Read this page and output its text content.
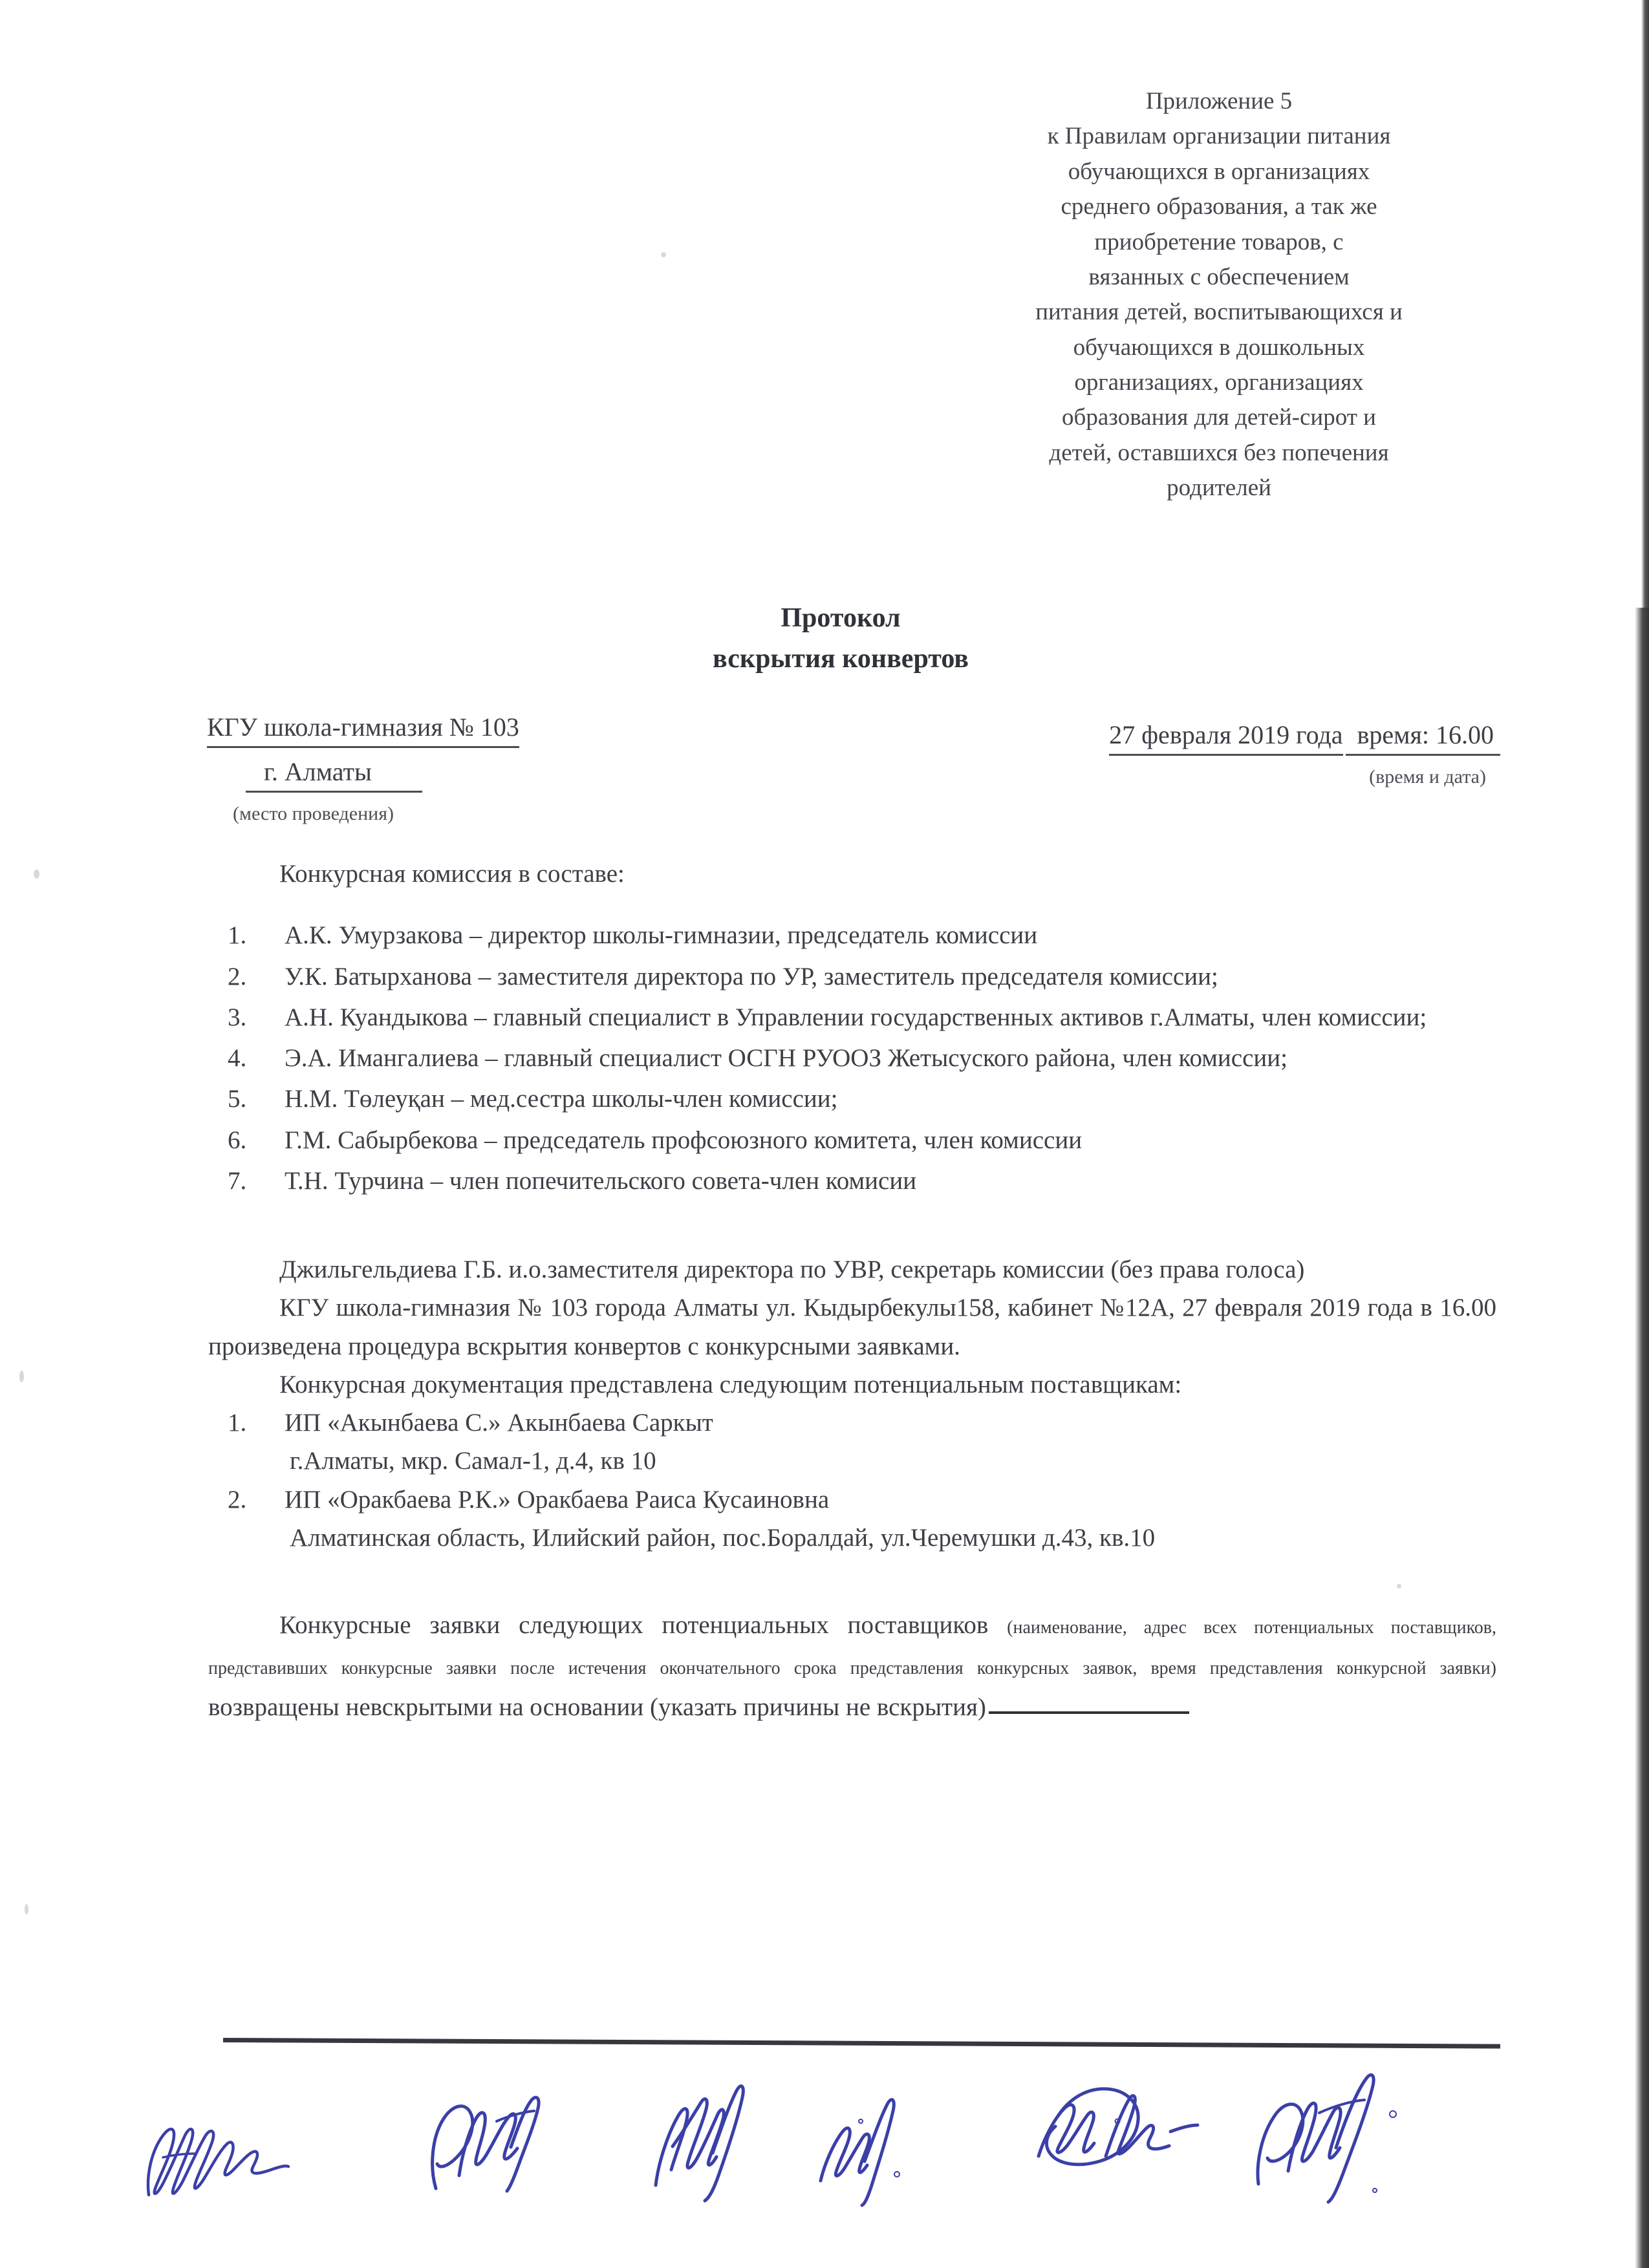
Приложение 5
к Правилам организации питания
обучающихся в организациях
среднего образования, а так же
приобретение товаров, с
вязанных с обеспечением
питания детей, воспитывающихся и
обучающихся в дошкольных
организациях, организациях
образования для детей-сирот и
детей, оставшихся без попечения
родителей
Протокол
вскрытия конвертов
КГУ школа-гимназия № 103 г. Алматы
(место проведения)
27 февраля 2019 года время: 16.00
(время и дата)

Конкурсная комиссия в составе:

1.	А.К. Умурзакова – директор школы-гимназии, председатель комиссии
2.	У.К. Батырханова – заместителя директора по УР, заместитель председателя комиссии;
3.	А.Н. Куандыкова – главный специалист в Управлении государственных активов г.Алматы, член комиссии;
4.	Э.А. Имангалиева – главный специалист ОСГН РУООЗ Жетысуского района, член комиссии;
5.	Н.М. Төлеуқан – мед.сестра школы-член комиссии;
6.	Г.М. Сабырбекова – председатель профсоюзного комитета, член комиссии
7.	Т.Н. Турчина – член попечительского совета-член комисии

Джильгельдиева Г.Б. и.о.заместителя директора по УВР, секретарь комиссии (без права голоса)

КГУ школа-гимназия № 103 города Алматы ул. Кыдырбекулы158, кабинет №12А, 27 февраля 2019 года в 16.00 произведена процедура вскрытия конвертов с конкурсными заявками.

Конкурсная документация представлена следующим потенциальным поставщикам:

1. ИП «Акынбаева С.» Акынбаева Саркыт
г.Алматы, мкр. Самал-1, д.4, кв 10
2. ИП «Оракбаева Р.К.» Оракбаева Раиса Кусаиновна
Алматинская область, Илийский район, пос.Боралдай, ул.Черемушки д.43, кв.10

Конкурсные заявки следующих потенциальных поставщиков (наименование, адрес всех потенциальных поставщиков, представивших конкурсные заявки после истечения окончательного срока представления конкурсных заявок, время представления конкурсной заявки) возвращены невскрытыми на основании (указать причины не вскрытия)
